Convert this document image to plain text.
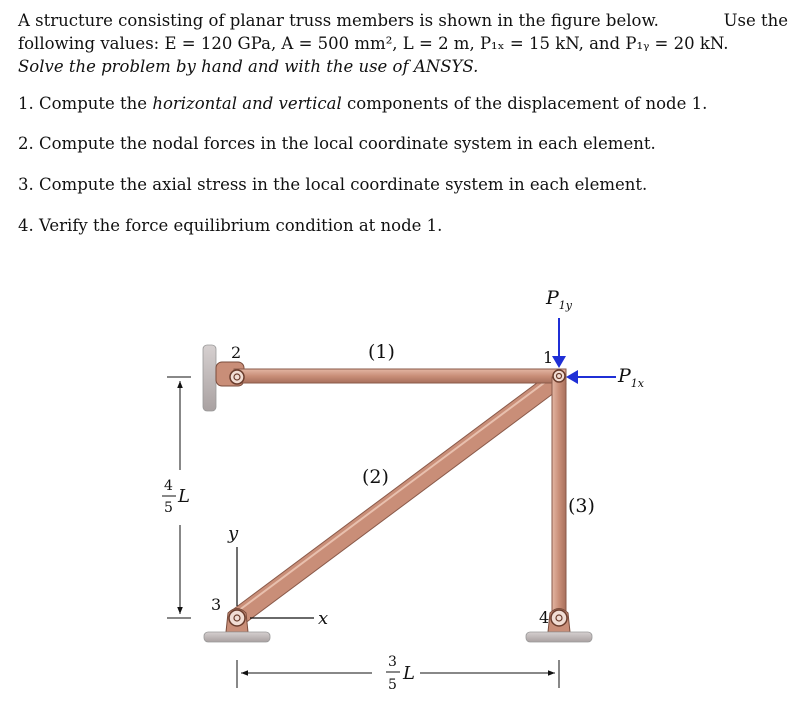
A structure consisting of planar truss members is shown in the figure below.	Use the
following values: E = 120 GPa, A = 500 mm², L = 2 m, P₁ₓ = 15 kN, and P₁ᵧ = 20 kN.
Solve the problem by hand and with the use of ANSYS.
1. Compute the horizontal and vertical components of the displacement of node 1.
2. Compute the nodal forces in the local coordinate system in each element.
3. Compute the axial stress in the local coordinate system in each element.
4. Verify the force equilibrium condition at node 1.
$P_{1y}$
$P_{1x}$
(1)
(2)
(3)
1
2
3
4
y
x
4
5
L
3
5
L
